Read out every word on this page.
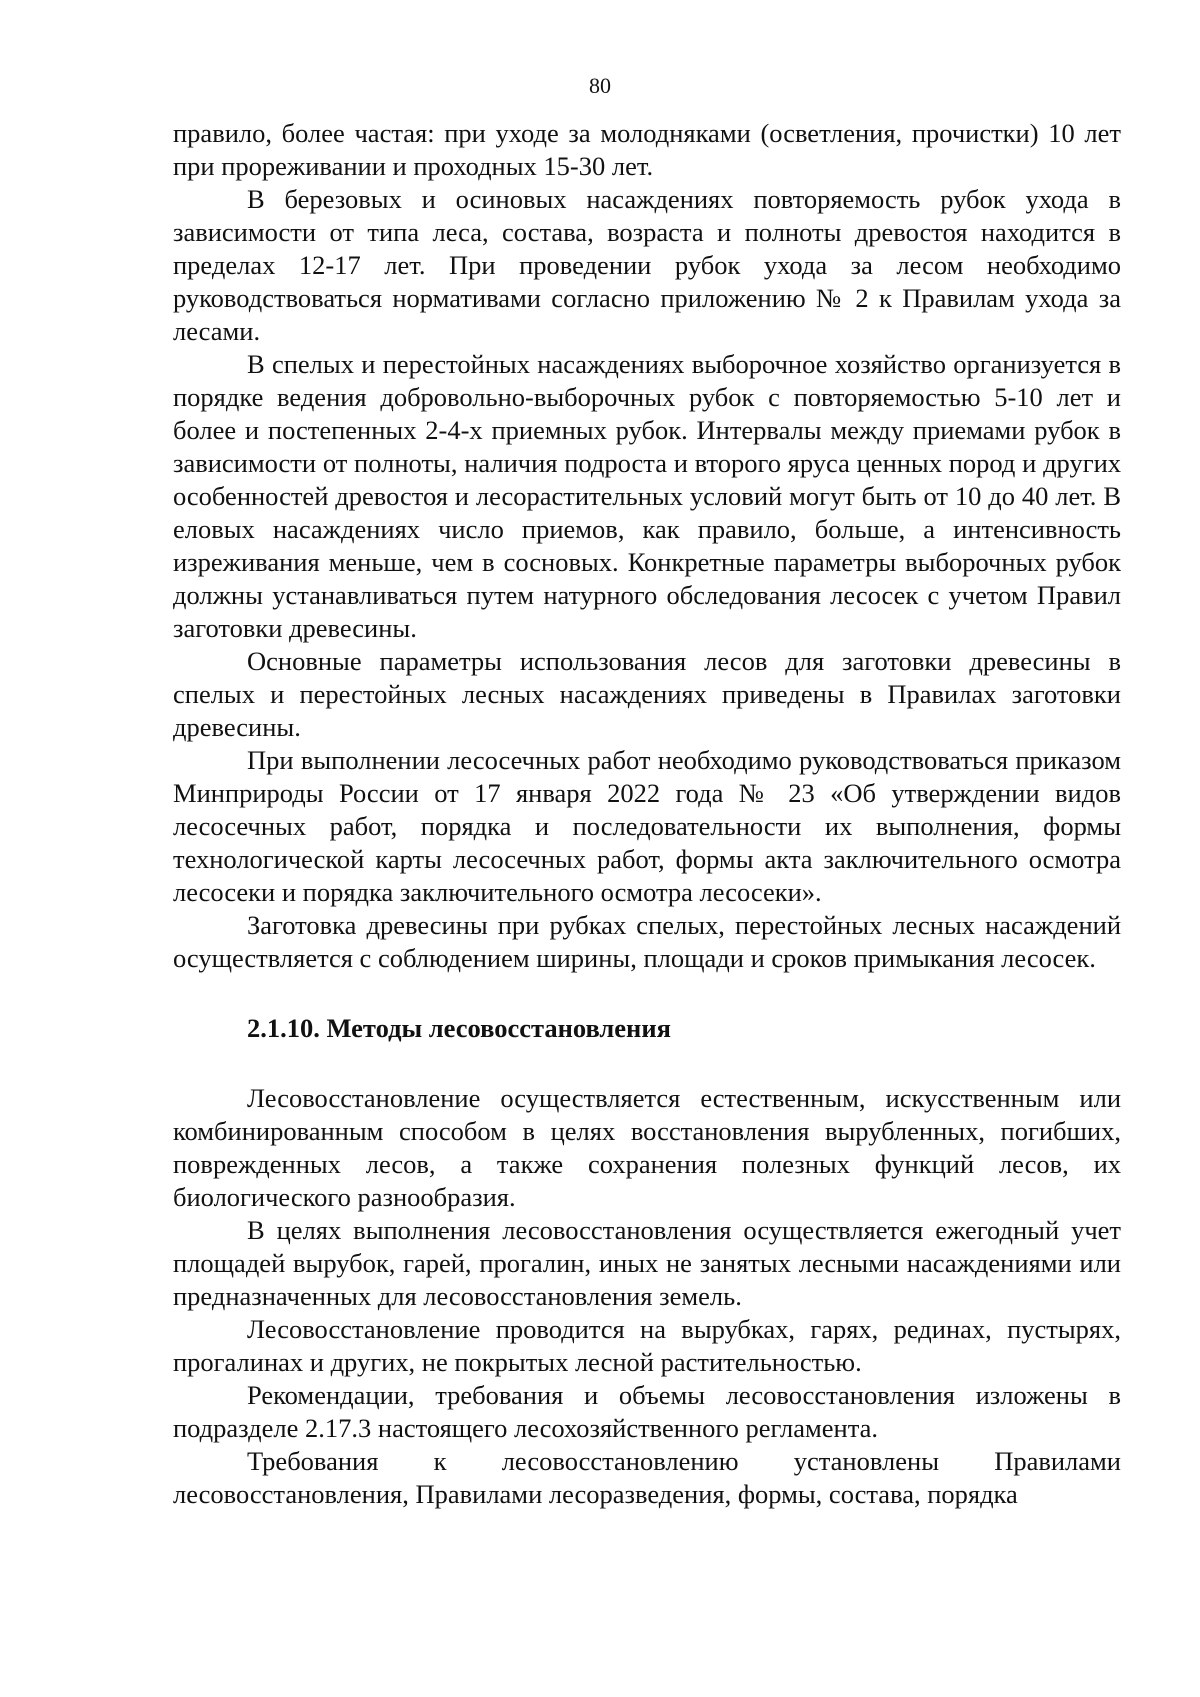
80

правило, более частая: при уходе за молодняками (осветления, прочистки) 10 лет при прореживании и проходных 15-30 лет.

В березовых и осиновых насаждениях повторяемость рубок ухода в зависимости от типа леса, состава, возраста и полноты древостоя находится в пределах 12-17 лет. При проведении рубок ухода за лесом необходимо руководствоваться нормативами согласно приложению № 2 к Правилам ухода за лесами.

В спелых и перестойных насаждениях выборочное хозяйство организуется в порядке ведения добровольно-выборочных рубок с повторяемостью 5-10 лет и более и постепенных 2-4-х приемных рубок. Интервалы между приемами рубок в зависимости от полноты, наличия подроста и второго яруса ценных пород и других особенностей древостоя и лесорастительных условий могут быть от 10 до 40 лет. В еловых насаждениях число приемов, как правило, больше, а интенсивность изреживания меньше, чем в сосновых. Конкретные параметры выборочных рубок должны устанавливаться путем натурного обследования лесосек с учетом Правил заготовки древесины.

Основные параметры использования лесов для заготовки древесины в спелых и перестойных лесных насаждениях приведены в Правилах заготовки древесины.

При выполнении лесосечных работ необходимо руководствоваться приказом Минприроды России от 17 января 2022 года № 23 «Об утверждении видов лесосечных работ, порядка и последовательности их выполнения, формы технологической карты лесосечных работ, формы акта заключительного осмотра лесосеки и порядка заключительного осмотра лесосеки».

Заготовка древесины при рубках спелых, перестойных лесных насаждений осуществляется с соблюдением ширины, площади и сроков примыкания лесосек.

2.1.10. Методы лесовосстановления

Лесовосстановление осуществляется естественным, искусственным или комбинированным способом в целях восстановления вырубленных, погибших, поврежденных лесов, а также сохранения полезных функций лесов, их биологического разнообразия.

В целях выполнения лесовосстановления осуществляется ежегодный учет площадей вырубок, гарей, прогалин, иных не занятых лесными насаждениями или предназначенных для лесовосстановления земель.

Лесовосстановление проводится на вырубках, гарях, рединах, пустырях, прогалинах и других, не покрытых лесной растительностью.

Рекомендации, требования и объемы лесовосстановления изложены в подразделе 2.17.3 настоящего лесохозяйственного регламента.

Требования к лесовосстановлению установлены Правилами лесовосстановления, Правилами лесоразведения, формы, состава, порядка
